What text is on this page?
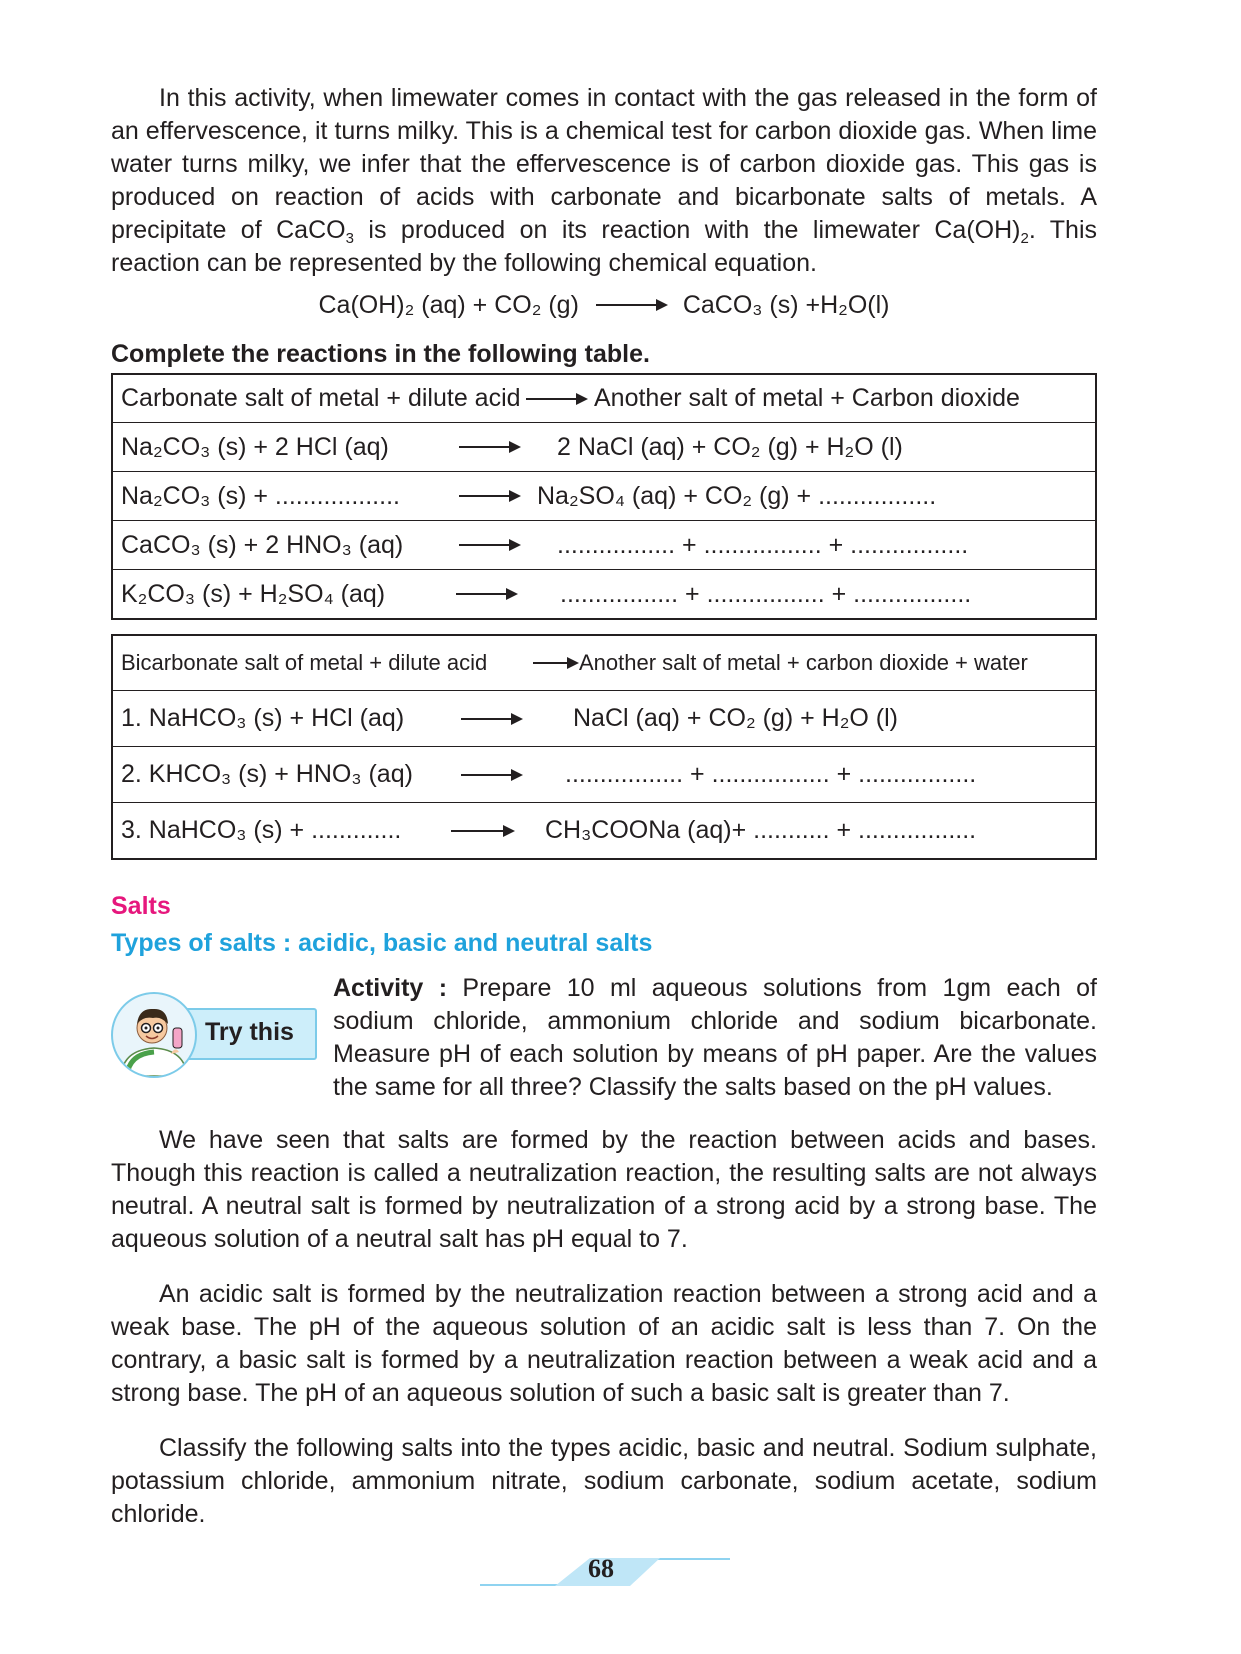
In this activity, when limewater comes in contact with the gas released in the form of an effervescence, it turns milky. This is a chemical test for carbon dioxide gas. When lime water turns milky, we infer that the effervescence is of carbon dioxide gas. This gas is produced on reaction of acids with carbonate and bicarbonate salts of metals. A precipitate of CaCO$_3$ is produced on its reaction with the limewater $Ca(OH)_2$. This reaction can be represented by the following chemical equation.

Ca(OH)₂ (aq) + CO₂ (g) → CaCO₃ (s) +H₂O(l)
Complete the reactions in the following table.
Carbonate salt of metal + dilute acid	Another salt of metal + Carbon dioxide

Na₂CO₃ (s) + 2 HCl (aq)	2 NaCl (aq) + CO₂ (g) + H₂O (l)

Na₂CO₃ (s) + ..................	Na₂SO₄ (aq) + CO₂ (g) + .................

CaCO₃ (s) + 2 HNO₃ (aq)	................. + ................. + .................

K₂CO₃ (s) + H₂SO₄ (aq)	................. + ................. + .................
Bicarbonate salt of metal + dilute acid	Another salt of metal + carbon dioxide + water

1. NaHCO₃ (s) + HCl (aq)	NaCl (aq) + CO₂ (g) + H₂O (l)

2. KHCO₃ (s) + HNO₃ (aq)	................. + ................. + .................

3. NaHCO₃ (s) + .............	CH₃COONa (aq)+ ........... + .................
Salts
Types of salts : acidic, basic and neutral salts
Try this

Activity : Prepare 10 ml aqueous solutions from 1gm each of sodium chloride, ammonium chloride and sodium bicarbonate. Measure pH of each solution by means of pH paper. Are the values the same for all three? Classify the salts based on the pH values.

We have seen that salts are formed by the reaction between acids and bases. Though this reaction is called a neutralization reaction, the resulting salts are not always neutral. A neutral salt is formed by neutralization of a strong acid by a strong base. The aqueous solution of a neutral salt has pH equal to 7.

An acidic salt is formed by the neutralization reaction between a strong acid and a weak base. The pH of the aqueous solution of an acidic salt is less than 7. On the contrary, a basic salt is formed by a neutralization reaction between a weak acid and a strong base. The pH of an aqueous solution of such a basic salt is greater than 7.

Classify the following salts into the types acidic, basic and neutral. Sodium sulphate, potassium chloride, ammonium nitrate, sodium carbonate, sodium acetate, sodium chloride.

68
